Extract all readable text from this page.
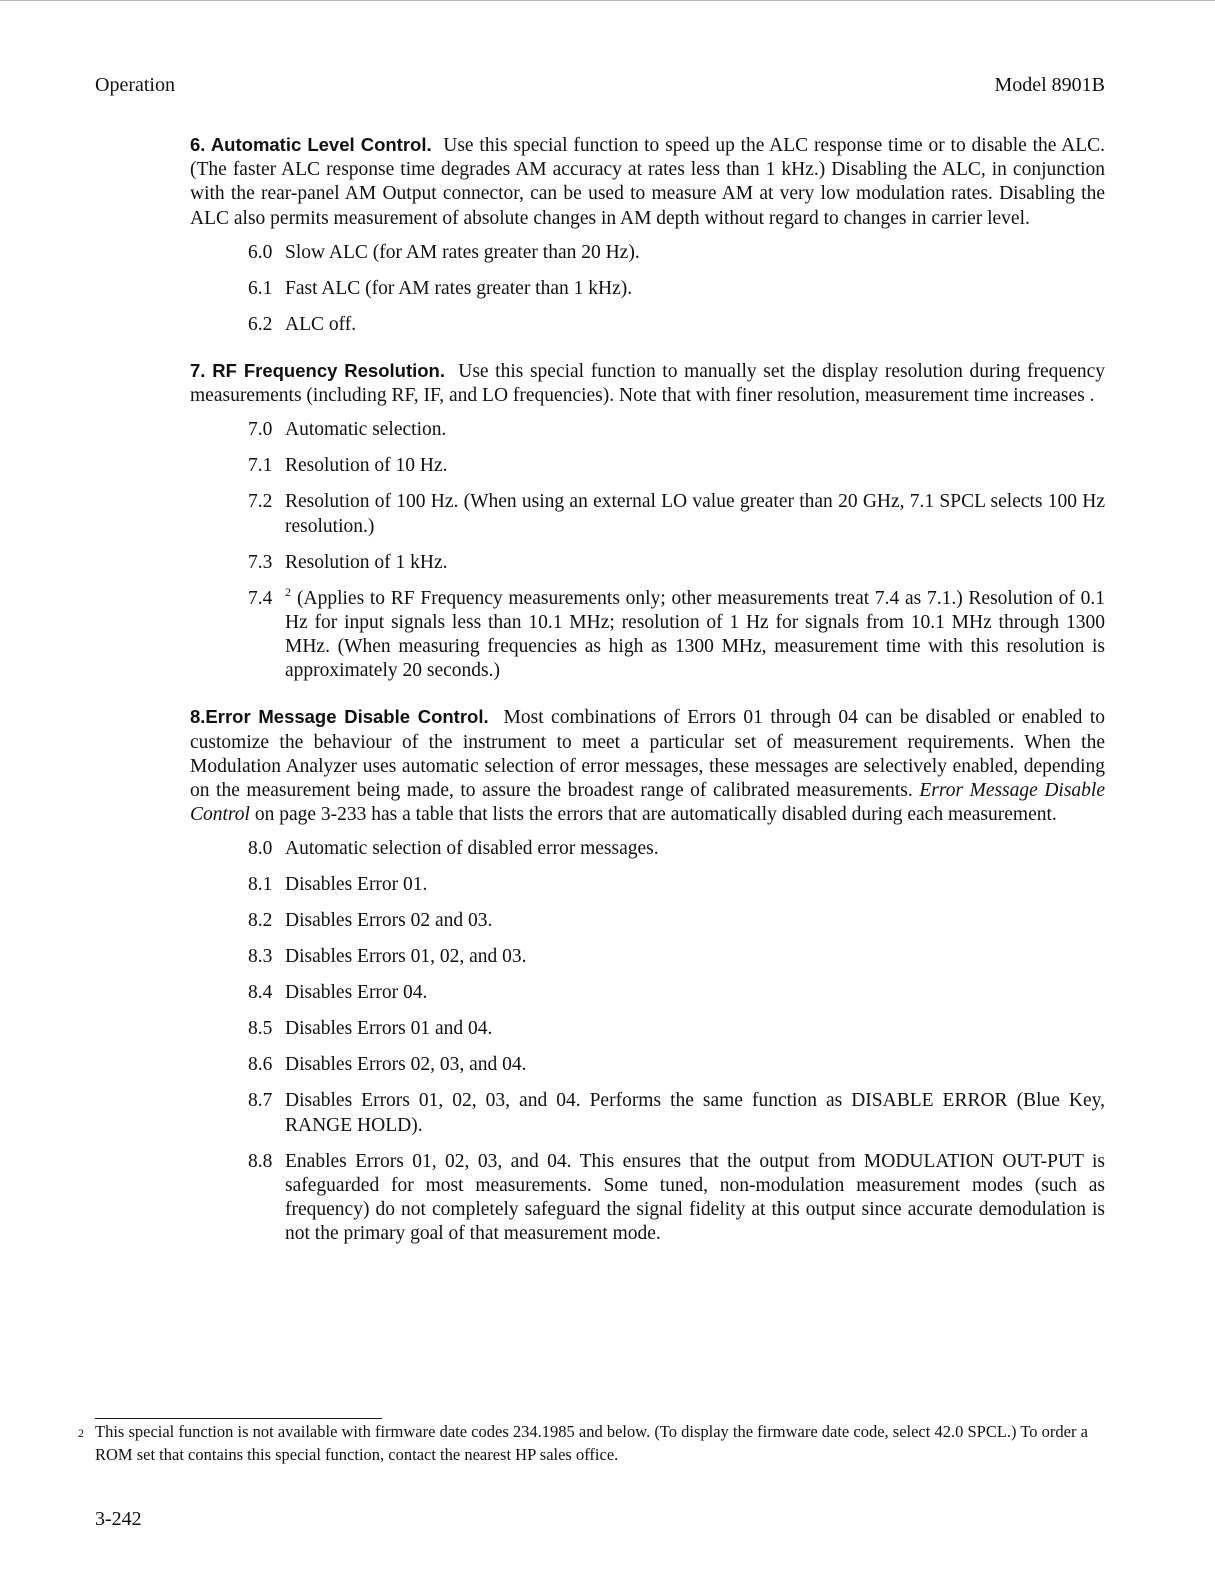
Operation	Model 8901B

6. Automatic Level Control. Use this special function to speed up the ALC response time or to disable the ALC. (The faster ALC response time degrades AM accuracy at rates less than 1 kHz.) Disabling the ALC, in conjunction with the rear-panel AM Output connector, can be used to measure AM at very low modulation rates. Disabling the ALC also permits measurement of absolute changes in AM depth without regard to changes in carrier level.

6.0 Slow ALC (for AM rates greater than 20 Hz).
6.1 Fast ALC (for AM rates greater than 1 kHz).
6.2 ALC off.

7. RF Frequency Resolution. Use this special function to manually set the display resolution during frequency measurements (including RF, IF, and LO frequencies). Note that with finer resolution, measurement time increases .

7.0 Automatic selection.
7.1 Resolution of 10 Hz.
7.2 Resolution of 100 Hz. (When using an external LO value greater than 20 GHz, 7.1 SPCL selects 100 Hz resolution.)
7.3 Resolution of 1 kHz.
7.4	$^2$ (Applies to RF Frequency measurements only; other measurements treat 7.4 as 7.1.) Resolution of 0.1 Hz for input signals less than 10.1 MHz; resolution of 1 Hz for signals from 10.1 MHz through 1300 MHz. (When measuring frequencies as high as 1300 MHz, measurement time with this resolution is approximately 20 seconds.)

8.Error Message Disable Control. Most combinations of Errors 01 through 04 can be disabled or enabled to customize the behaviour of the instrument to meet a particular set of measurement requirements. When the Modulation Analyzer uses automatic selection of error messages, these messages are selectively enabled, depending on the measurement being made, to assure the broadest range of calibrated measurements. Error Message Disable Control on page 3-233 has a table that lists the errors that are automatically disabled during each measurement.

8.0 Automatic selection of disabled error messages.
8.1 Disables Error 01.
8.2 Disables Errors 02 and 03.
8.3 Disables Errors 01, 02, and 03.
8.4 Disables Error 04.
8.5 Disables Errors 01 and 04.
8.6 Disables Errors 02, 03, and 04.
8.7 Disables Errors 01, 02, 03, and 04. Performs the same function as DISABLE ERROR (Blue Key, RANGE HOLD).
8.8 Enables Errors 01, 02, 03, and 04. This ensures that the output from MODULATION OUT-PUT is safeguarded for most measurements. Some tuned, non-modulation measurement modes (such as frequency) do not completely safeguard the signal fidelity at this output since accurate demodulation is not the primary goal of that measurement mode.
2 This special function is not available with firmware date codes 234.1985 and below. (To display the firmware date code, select 42.0 SPCL.) To order a ROM set that contains this special function, contact the nearest HP sales office.
3-242
